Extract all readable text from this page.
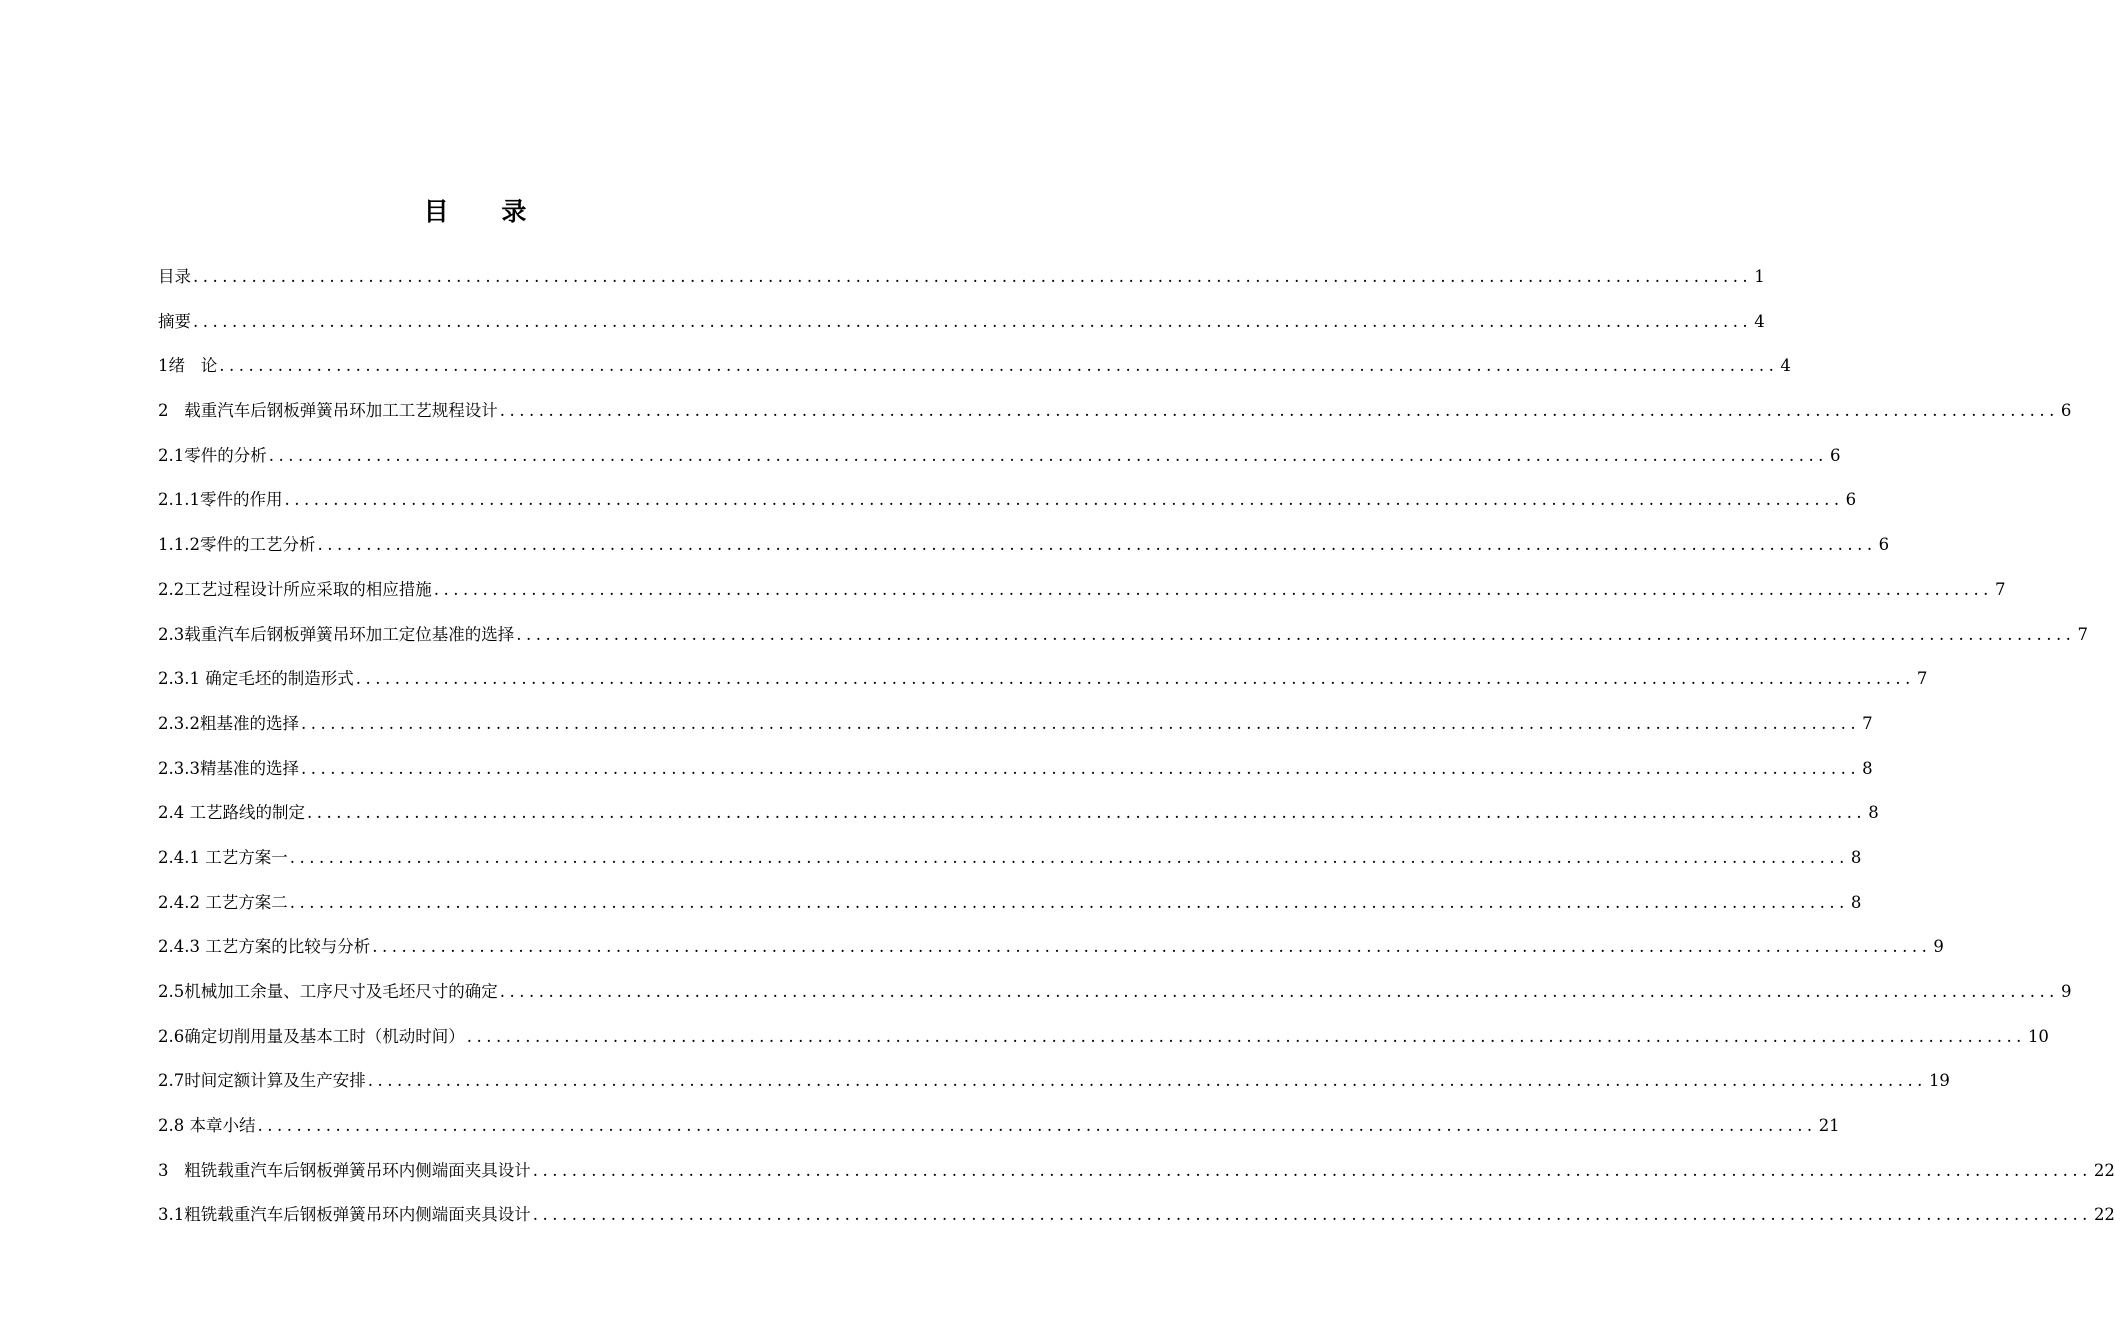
目 录
目录 ................................................................................................................................................................ 1
摘要 ................................................................................................................................................................ 4
1绪   论 ................................................................................................................................................................ 4
2   载重汽车后钢板弹簧吊环加工工艺规程设计 ................................................................................................................................................................ 6
2.1零件的分析 ................................................................................................................................................................ 6
2.1.1零件的作用 ................................................................................................................................................................ 6
1.1.2零件的工艺分析 ................................................................................................................................................................ 6
2.2工艺过程设计所应采取的相应措施 ................................................................................................................................................................ 7
2.3载重汽车后钢板弹簧吊环加工定位基准的选择 ................................................................................................................................................................ 7
2.3.1 确定毛坯的制造形式 ................................................................................................................................................................ 7
2.3.2粗基准的选择 ................................................................................................................................................................ 7
2.3.3精基准的选择 ................................................................................................................................................................ 8
2.4 工艺路线的制定 ................................................................................................................................................................ 8
2.4.1 工艺方案一 ................................................................................................................................................................ 8
2.4.2 工艺方案二 ................................................................................................................................................................ 8
2.4.3 工艺方案的比较与分析 ................................................................................................................................................................ 9
2.5机械加工余量、工序尺寸及毛坯尺寸的确定 ................................................................................................................................................................ 9
2.6确定切削用量及基本工时（机动时间） ................................................................................................................................................................ 10
2.7时间定额计算及生产安排 ................................................................................................................................................................ 19
2.8 本章小结 ................................................................................................................................................................ 21
3   粗铣载重汽车后钢板弹簧吊环内侧端面夹具设计 ................................................................................................................................................................ 22
3.1粗铣载重汽车后钢板弹簧吊环内侧端面夹具设计 ................................................................................................................................................................ 22
